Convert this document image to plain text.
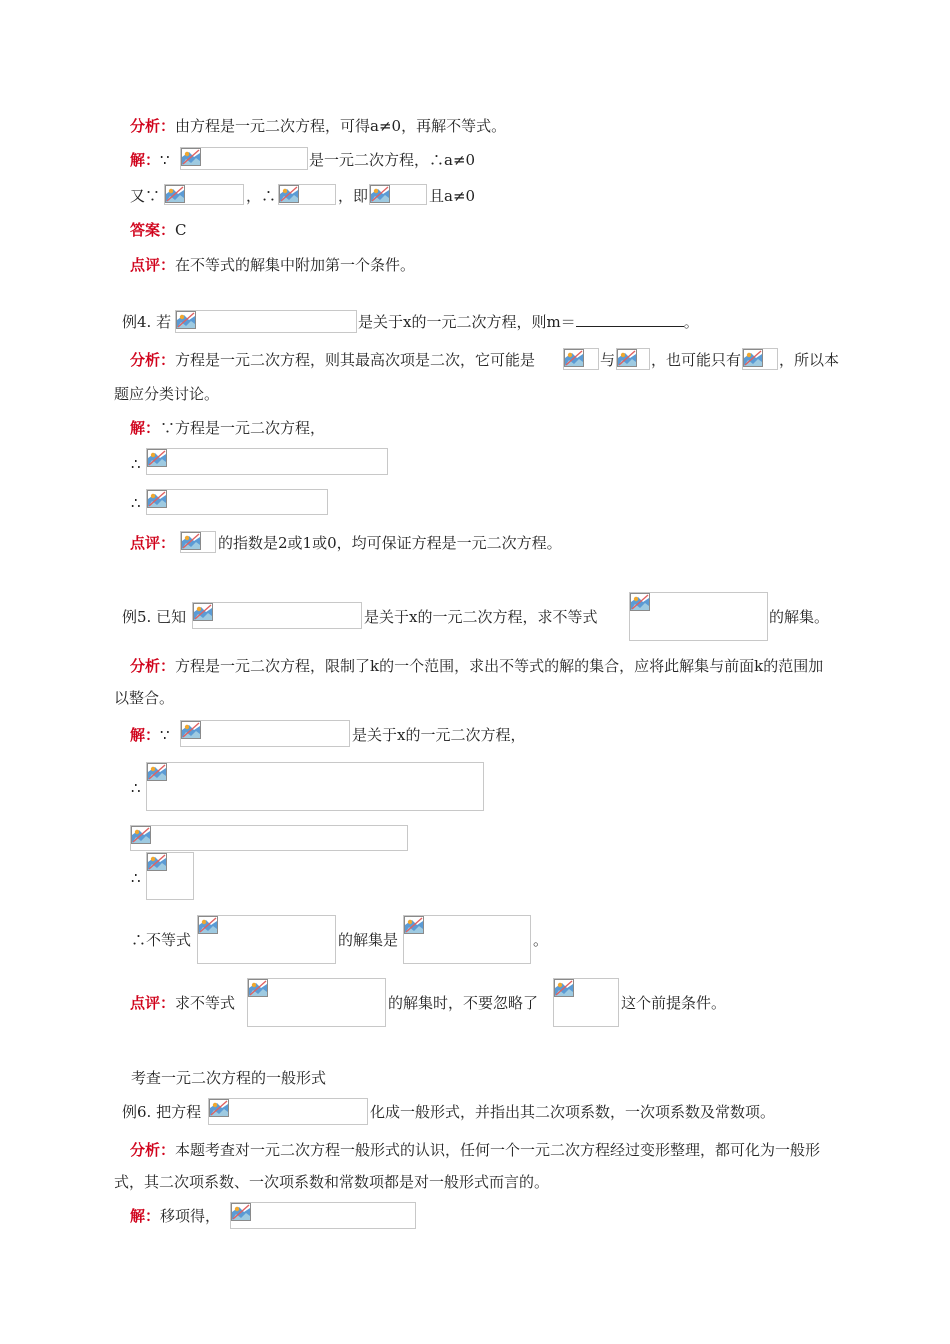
分析：由方程是一元二次方程，可得a≠0，再解不等式。
解：∵	是一元二次方程，∴a≠0
又∵	，∴	，即	且a≠0
答案：C
点评：在不等式的解集中附加第一个条件。
例4. 若	是关于x的一元二次方程，则m＝	。
分析：方程是一元二次方程，则其最高次项是二次，它可能是	与 ，也可能只有	，所以本
题应分类讨论。
解：∵方程是一元二次方程，
∴
∴
点评：	的指数是2或1或0，均可保证方程是一元二次方程。
例5. 已知	是关于x的一元二次方程，求不等式	的解集。
分析：方程是一元二次方程，限制了k的一个范围，求出不等式的解的集合，应将此解集与前面k的范围加以整合。
解：∵	是关于x的一元二次方程，
∴
∴
∴不等式	的解集是	。
点评：求不等式	的解集时，不要忽略了	这个前提条件。
考查一元二次方程的一般形式
例6. 把方程	化成一般形式，并指出其二次项系数，一次项系数及常数项。
分析：本题考查对一元二次方程一般形式的认识，任何一个一元二次方程经过变形整理，都可化为一般形式，其二次项系数、一次项系数和常数项都是对一般形式而言的。
解：移项得，
